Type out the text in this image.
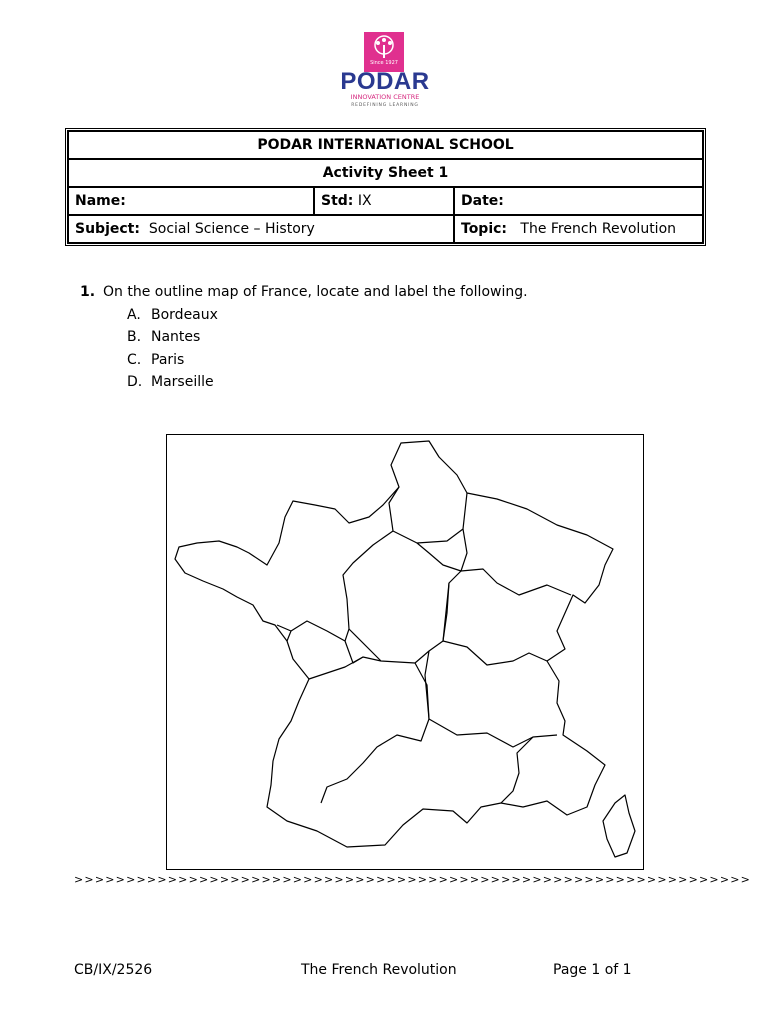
Since 1927
PODAR
INNOVATION CENTRE
REDEFINING LEARNING
PODAR INTERNATIONAL SCHOOL		
Activity Sheet 1		
Name:	Std: IX	Date:
Subject: Social Science – History		Topic: The French Revolution
1. On the outline map of France, locate and label the following.
A. Bordeaux
B. Nantes
C. Paris
D. Marseille
>>>>>>>>>>>>>>>>>>>>>>>>>>>>>>>>>>>>>>>>>>>>>>>>>>>>>>>>>>>>>>>>>
CB/IX/2526	The French Revolution	Page 1 of 1
